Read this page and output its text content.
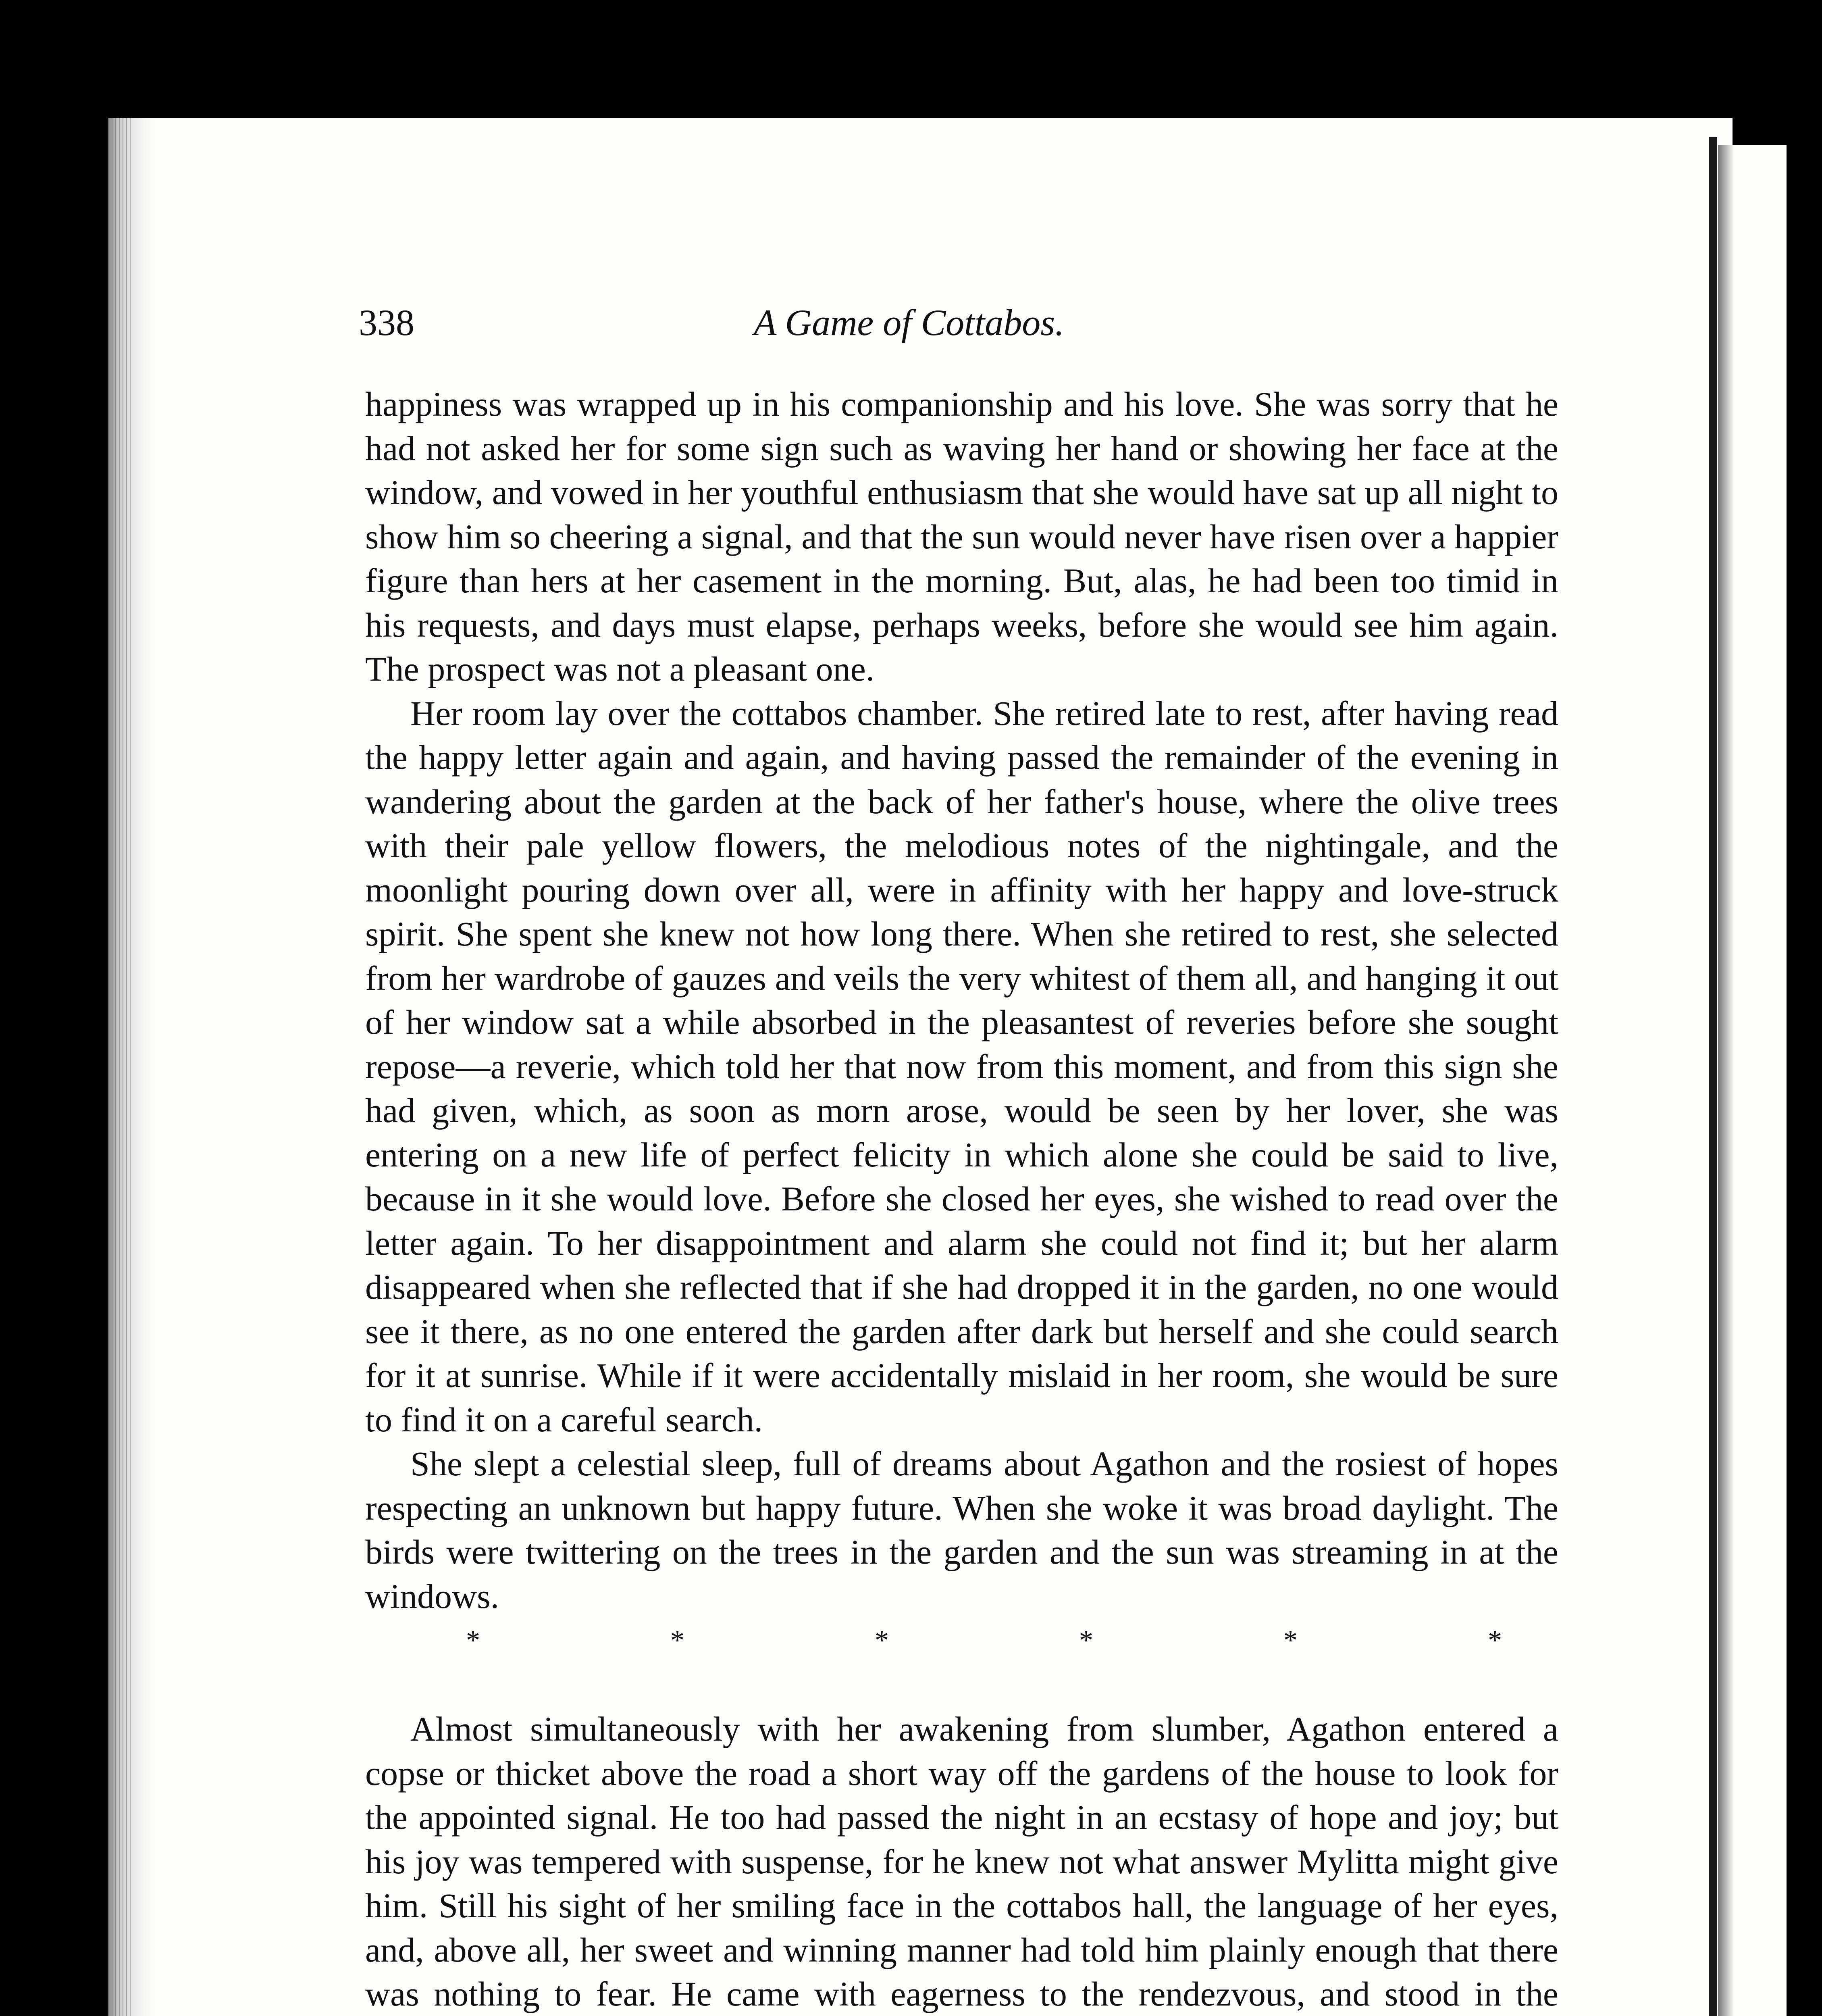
338	A Game of Cottabos.

happiness was wrapped up in his companionship and his love. She was sorry that he had not asked her for some sign such as waving her hand or showing her face at the window, and vowed in her youthful enthusiasm that she would have sat up all night to show him so cheering a signal, and that the sun would never have risen over a happier figure than hers at her casement in the morning. But, alas, he had been too timid in his requests, and days must elapse, perhaps weeks, before she would see him again. The prospect was not a pleasant one.

Her room lay over the cottabos chamber. She retired late to rest, after having read the happy letter again and again, and having passed the remainder of the evening in wandering about the garden at the back of her father's house, where the olive trees with their pale yellow flowers, the melodious notes of the nightingale, and the moonlight pouring down over all, were in affinity with her happy and love-struck spirit. She spent she knew not how long there. When she retired to rest, she selected from her wardrobe of gauzes and veils the very whitest of them all, and hanging it out of her window sat a while absorbed in the pleasantest of reveries before she sought repose—a reverie, which told her that now from this moment, and from this sign she had given, which, as soon as morn arose, would be seen by her lover, she was entering on a new life of perfect felicity in which alone she could be said to live, because in it she would love. Before she closed her eyes, she wished to read over the letter again. To her disappointment and alarm she could not find it; but her alarm disappeared when she reflected that if she had dropped it in the garden, no one would see it there, as no one entered the garden after dark but herself and she could search for it at sunrise. While if it were accidentally mislaid in her room, she would be sure to find it on a careful search.

She slept a celestial sleep, full of dreams about Agathon and the rosiest of hopes respecting an unknown but happy future. When she woke it was broad daylight. The birds were twittering on the trees in the garden and the sun was streaming in at the windows.

*	*	*	*	*	*

Almost simultaneously with her awakening from slumber, Agathon entered a copse or thicket above the road a short way off the gardens of the house to look for the appointed signal. He too had passed the night in an ecstasy of hope and joy; but his joy was tempered with suspense, for he knew not what answer Mylitta might give him. Still his sight of her smiling face in the cottabos hall, the language of her eyes, and, above all, her sweet and winning manner had told him plainly enough that there was nothing to fear. He came with eagerness to the rendezvous, and stood in the
